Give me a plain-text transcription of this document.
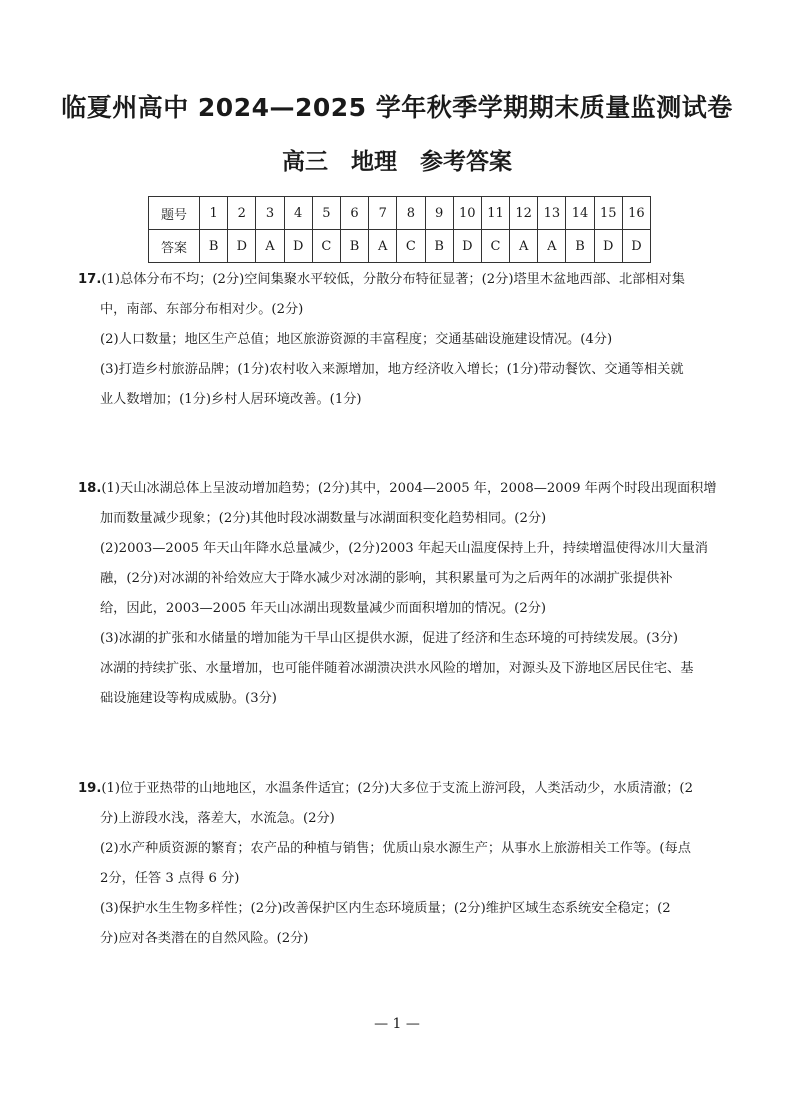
临夏州高中 2024—2025 学年秋季学期期末质量监测试卷
高三　地理　参考答案
题号	1	2	3	4	5	6	7	8	9	10	11	12	13	14	15	16
答案	B	D	A	D	C	B	A	C	B	D	C	A	A	B	D	D

17.(1)总体分布不均；(2分)空间集聚水平较低，分散分布特征显著；(2分)塔里木盆地西部、北部相对集

中，南部、东部分布相对少。(2分)

(2)人口数量；地区生产总值；地区旅游资源的丰富程度；交通基础设施建设情况。(4分)

(3)打造乡村旅游品牌；(1分)农村收入来源增加，地方经济收入增长；(1分)带动餐饮、交通等相关就

业人数增加；(1分)乡村人居环境改善。(1分)

18.(1)天山冰湖总体上呈波动增加趋势；(2分)其中，2004—2005 年，2008—2009 年两个时段出现面积增

加而数量减少现象；(2分)其他时段冰湖数量与冰湖面积变化趋势相同。(2分)

(2)2003—2005 年天山年降水总量减少，(2分)2003 年起天山温度保持上升，持续增温使得冰川大量消

融，(2分)对冰湖的补给效应大于降水减少对冰湖的影响，其积累量可为之后两年的冰湖扩张提供补

给，因此，2003—2005 年天山冰湖出现数量减少而面积增加的情况。(2分)

(3)冰湖的扩张和水储量的增加能为干旱山区提供水源，促进了经济和生态环境的可持续发展。(3分)

冰湖的持续扩张、水量增加，也可能伴随着冰湖溃决洪水风险的增加，对源头及下游地区居民住宅、基

础设施建设等构成威胁。(3分)

19.(1)位于亚热带的山地地区，水温条件适宜；(2分)大多位于支流上游河段，人类活动少，水质清澈；(2

分)上游段水浅，落差大，水流急。(2分)

(2)水产种质资源的繁育；农产品的种植与销售；优质山泉水源生产；从事水上旅游相关工作等。(每点

2分，任答 3 点得 6 分)

(3)保护水生生物多样性；(2分)改善保护区内生态环境质量；(2分)维护区域生态系统安全稳定；(2

分)应对各类潜在的自然风险。(2分)

— 1 —
